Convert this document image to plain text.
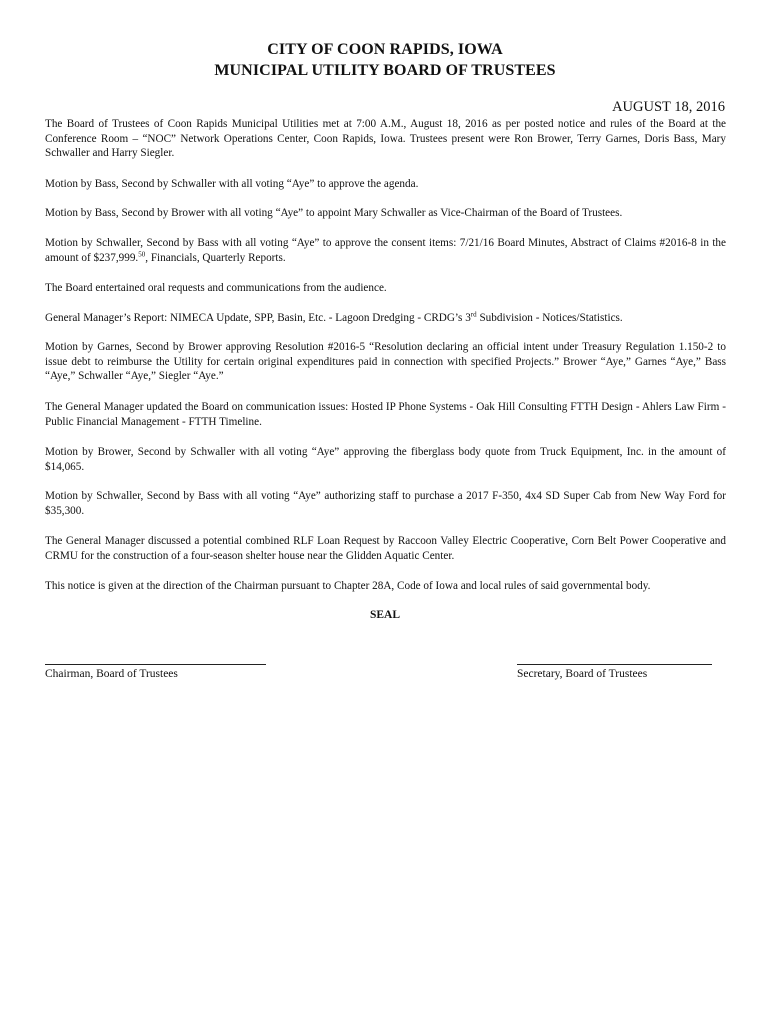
CITY OF COON RAPIDS, IOWA
MUNICIPAL UTILITY BOARD OF TRUSTEES
AUGUST 18, 2016

The Board of Trustees of Coon Rapids Municipal Utilities met at 7:00 A.M., August 18, 2016 as per posted notice and rules of the Board at the Conference Room – “NOC” Network Operations Center, Coon Rapids, Iowa. Trustees present were Ron Brower, Terry Garnes, Doris Bass, Mary Schwaller and Harry Siegler.

Motion by Bass, Second by Schwaller with all voting “Aye” to approve the agenda.

Motion by Bass, Second by Brower with all voting “Aye” to appoint Mary Schwaller as Vice-Chairman of the Board of Trustees.

Motion by Schwaller, Second by Bass with all voting “Aye” to approve the consent items: 7/21/16 Board Minutes, Abstract of Claims #2016-8 in the amount of $237,999.50, Financials, Quarterly Reports.

The Board entertained oral requests and communications from the audience.

General Manager’s Report: NIMECA Update, SPP, Basin, Etc. - Lagoon Dredging - CRDG’s 3rd Subdivision - Notices/Statistics.

Motion by Garnes, Second by Brower approving Resolution #2016-5 “Resolution declaring an official intent under Treasury Regulation 1.150-2 to issue debt to reimburse the Utility for certain original expenditures paid in connection with specified Projects.” Brower “Aye,” Garnes “Aye,” Bass “Aye,” Schwaller “Aye,” Siegler “Aye.”

The General Manager updated the Board on communication issues: Hosted IP Phone Systems - Oak Hill Consulting FTTH Design - Ahlers Law Firm - Public Financial Management - FTTH Timeline.

Motion by Brower, Second by Schwaller with all voting “Aye” approving the fiberglass body quote from Truck Equipment, Inc. in the amount of $14,065.

Motion by Schwaller, Second by Bass with all voting “Aye” authorizing staff to purchase a 2017 F-350, 4x4 SD Super Cab from New Way Ford for $35,300.

The General Manager discussed a potential combined RLF Loan Request by Raccoon Valley Electric Cooperative, Corn Belt Power Cooperative and CRMU for the construction of a four-season shelter house near the Glidden Aquatic Center.

This notice is given at the direction of the Chairman pursuant to Chapter 28A, Code of Iowa and local rules of said governmental body.

SEAL
Chairman, Board of Trustees	Secretary, Board of Trustees
